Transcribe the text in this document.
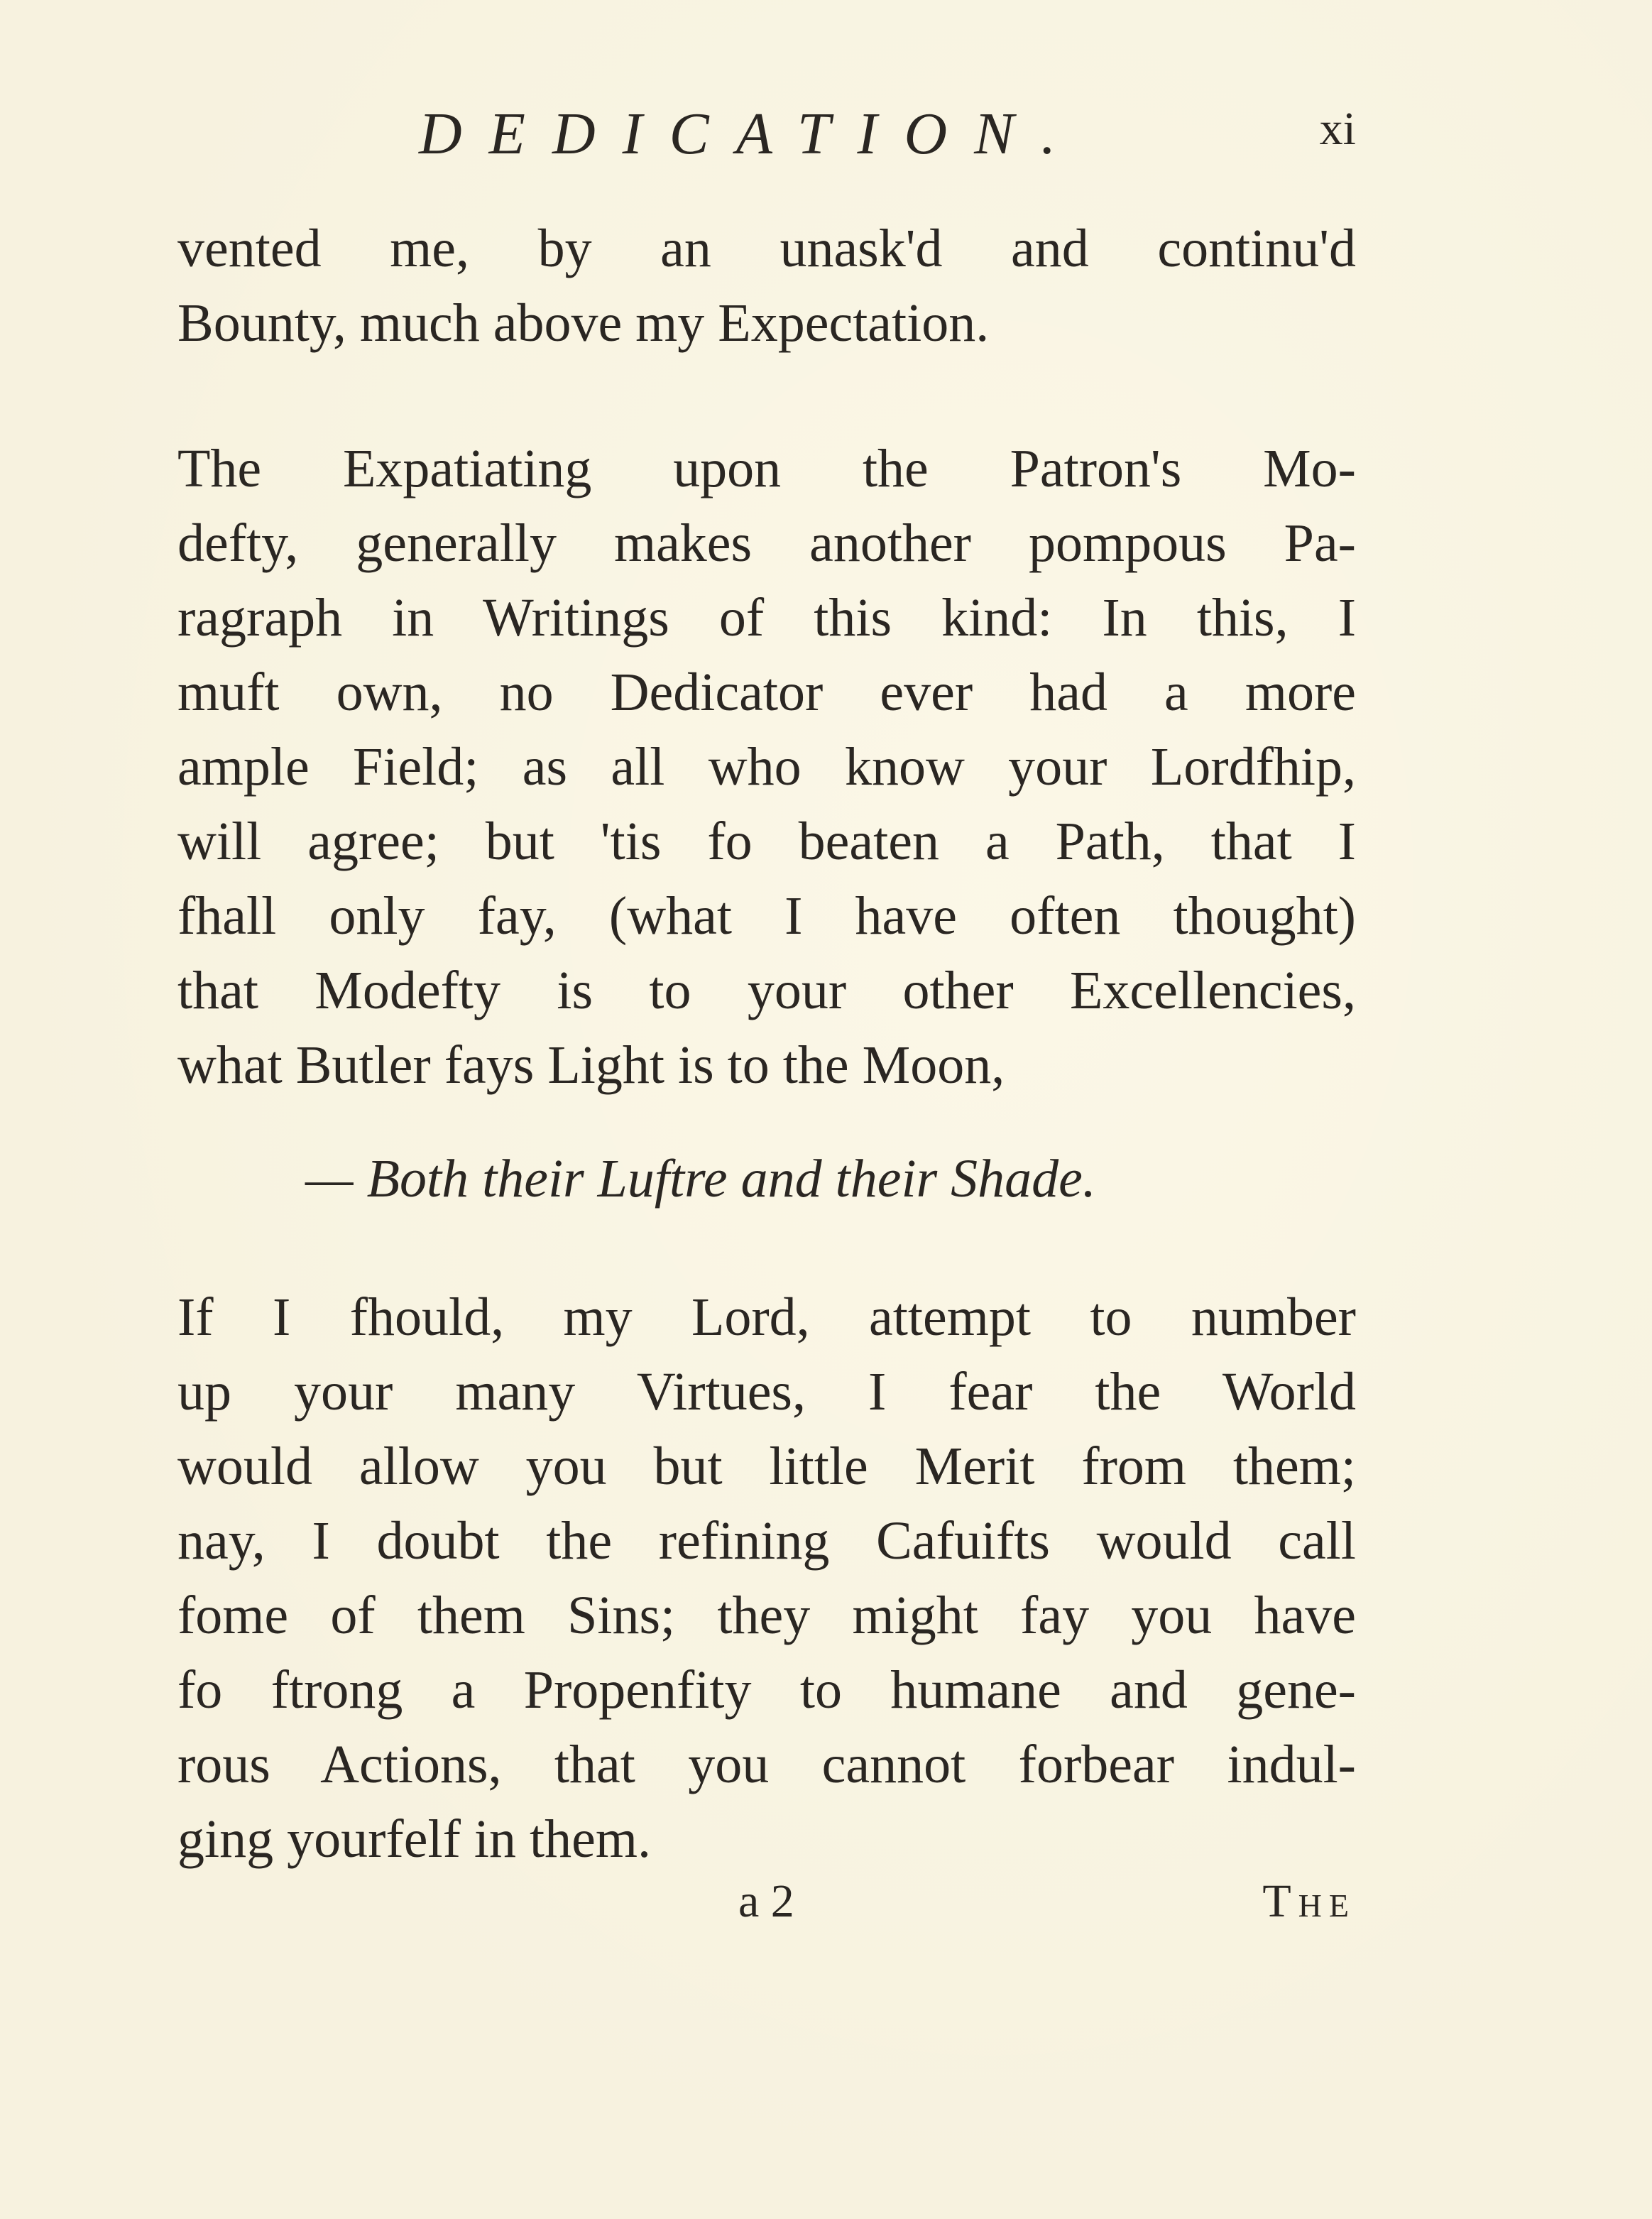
DEDICATION.	xi
vented me, by an unask'd and continu'd
Bounty, much above my Expectation.
The Expatiating upon the Patron's Mo-
defty, generally makes another pompous Pa-
ragraph in Writings of this kind: In this, I
muft own, no Dedicator ever had a more
ample Field; as all who know your Lordfhip,
will agree; but 'tis fo beaten a Path, that I
fhall only fay, (what I have often thought)
that Modefty is to your other Excellencies,
what Butler fays Light is to the Moon,
— Both their Luftre and their Shade.
If I fhould, my Lord, attempt to number
up your many Virtues, I fear the World
would allow you but little Merit from them;
nay, I doubt the refining Cafuifts would call
fome of them Sins; they might fay you have
fo ftrong a Propenfity to humane and gene-
rous Actions, that you cannot forbear indul-
ging yourfelf in them.
a 2	The
